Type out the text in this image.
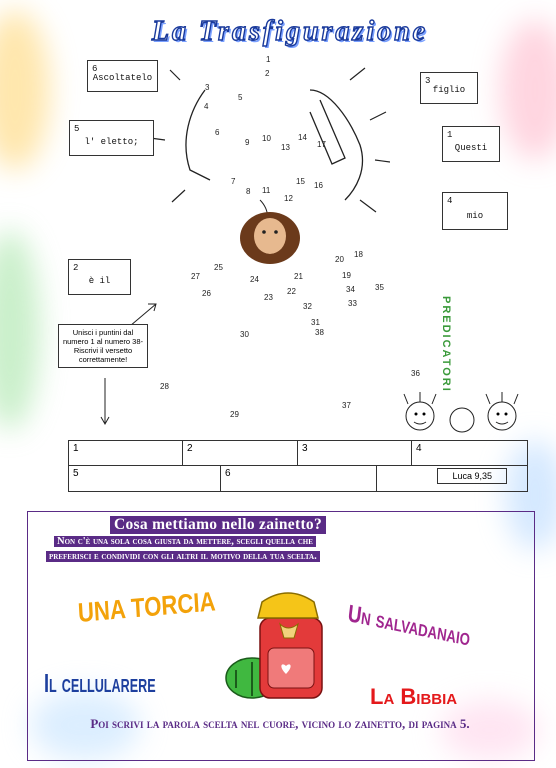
La Trasfigurazione
PREDICATORI
6
Ascoltatelo	3
figlio
5
l' eletto;
1
Questi
4
mio
2
è il
1
2
3
4
5
6
7
8
9 10
11
12
13
14
15 16
17
18
19
20
21
22
23
24
25
26
27
28
29
30
31
32	33
34	35
36
37
38
Unisci i puntini dal numero 1 al numero 38-Riscrivi il versetto correttamente!
1	2	3	4
5	6	Luca 9,35
Cosa mettiamo nello zainetto?
Non c'è una sola cosa giusta da mettere, scegli quella che
preferisci e condividi con gli altri il motivo della tua scelta.
UNA TORCIA	Un salvadanaio
Il cellularere	La Bibbia
Poi scrivi la parola scelta nel cuore, vicino lo zainetto, di pagina 5.
